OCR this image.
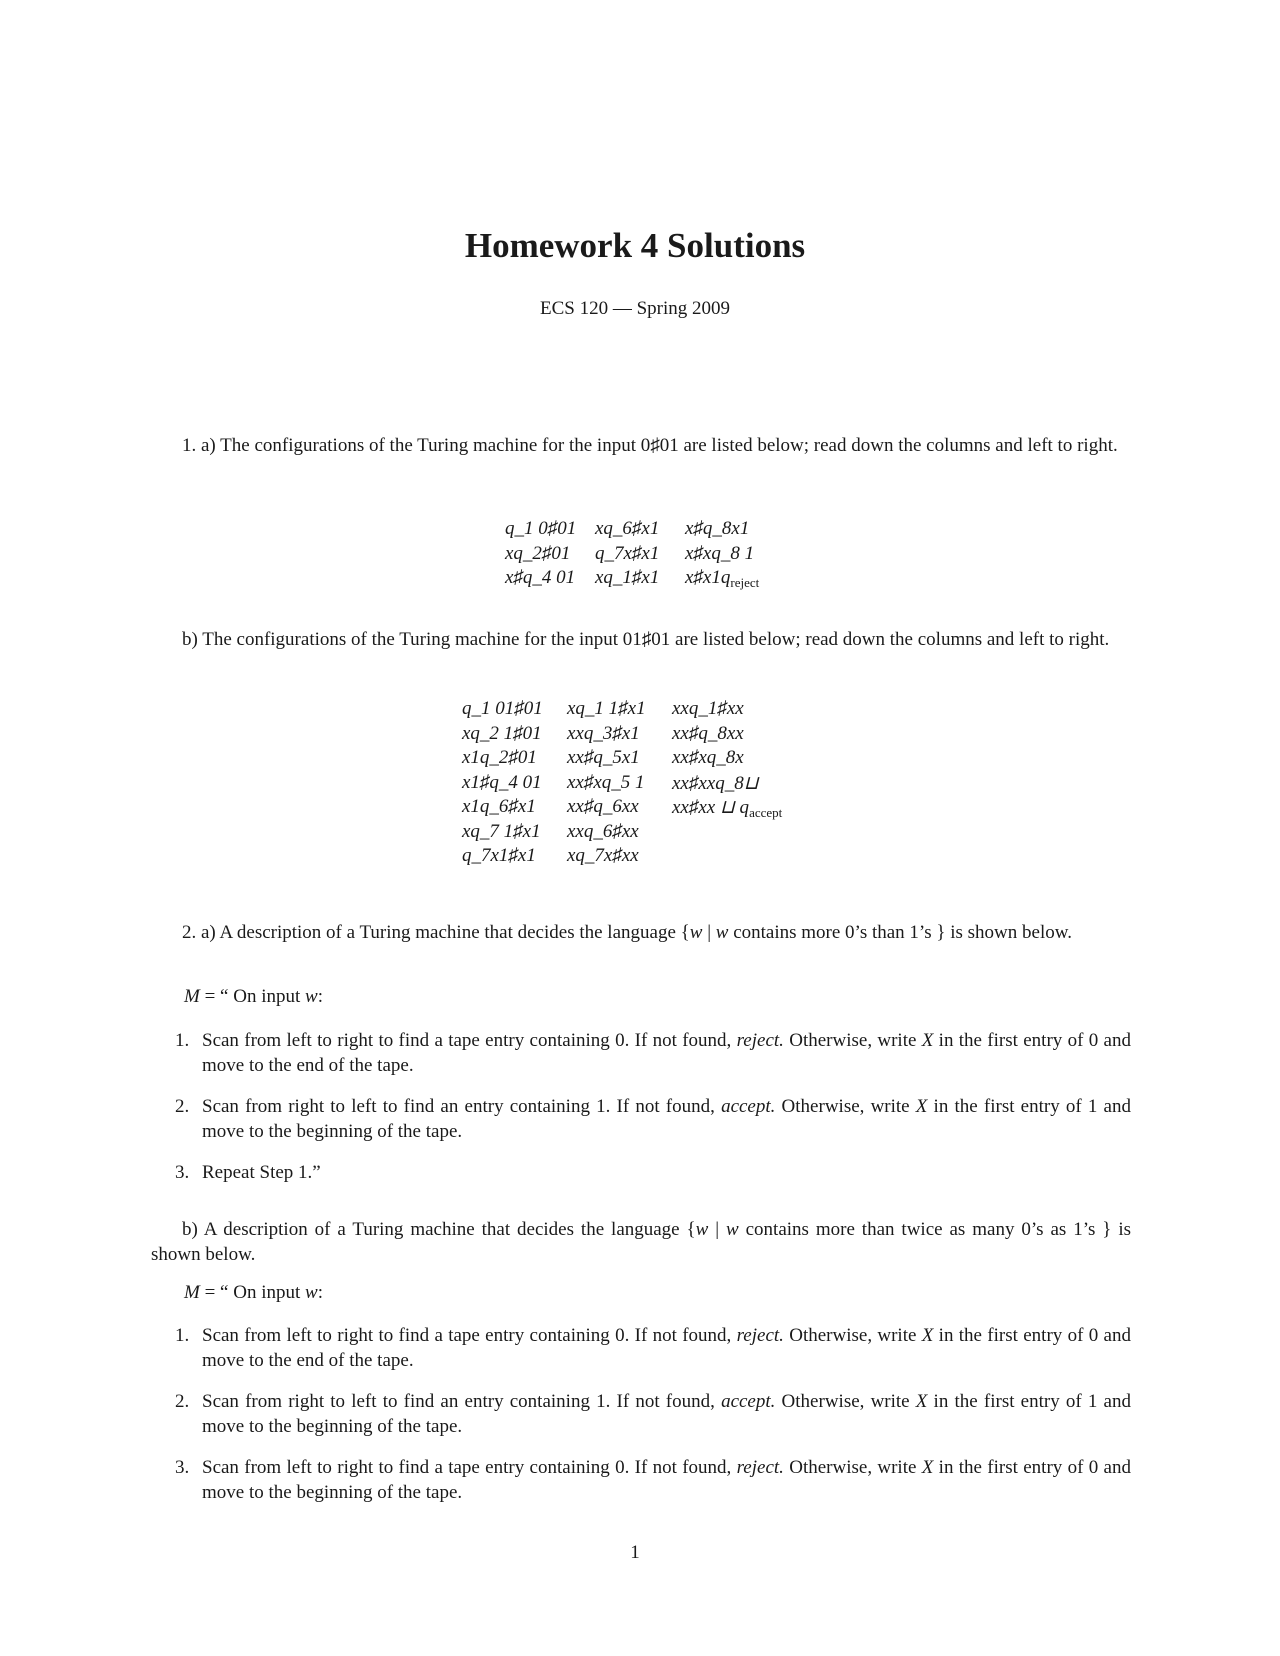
Homework 4 Solutions
ECS 120 — Spring 2009
1. a) The configurations of the Turing machine for the input 0♯01 are listed below; read down the columns and left to right.
q_1 0♯01
xq_2♯01
x♯q_4 01
xq_6♯x1
q_7x♯x1
xq_1♯x1
x♯q_8x1
x♯xq_8 1
$x♯x1q_{reject}$
b) The configurations of the Turing machine for the input 01♯01 are listed below; read down the columns and left to right.
q_1 01♯01
xq_2 1♯01
x1q_2♯01
x1♯q_4 01
x1q_6♯x1
xq_7 1♯x1
q_7x1♯x1
xq_1 1♯x1
xxq_3♯x1
xx♯q_5x1
xx♯xq_5 1
xx♯q_6xx
xxq_6♯xx
xq_7x♯xx
xxq_1♯xx
xx♯q_8xx
xx♯xq_8x
xx♯xxq_8⊔
xx♯xx ⊔ $q_{accept}$
2. a) A description of a Turing machine that decides the language {w | w contains more 0’s than 1’s } is shown below.
M = “ On input w:
1. Scan from left to right to find a tape entry containing 0. If not found, reject. Otherwise, write X in the first entry of 0 and move to the end of the tape.
2. Scan from right to left to find an entry containing 1. If not found, accept. Otherwise, write X in the first entry of 1 and move to the beginning of the tape.
3. Repeat Step 1.”
b) A description of a Turing machine that decides the language {w | w contains more than twice as many 0’s as 1’s } is shown below.
M = “ On input w:
1. Scan from left to right to find a tape entry containing 0. If not found, reject. Otherwise, write X in the first entry of 0 and move to the end of the tape.
2. Scan from right to left to find an entry containing 1. If not found, accept. Otherwise, write X in the first entry of 1 and move to the beginning of the tape.
3. Scan from left to right to find a tape entry containing 0. If not found, reject. Otherwise, write X in the first entry of 0 and move to the beginning of the tape.
1
